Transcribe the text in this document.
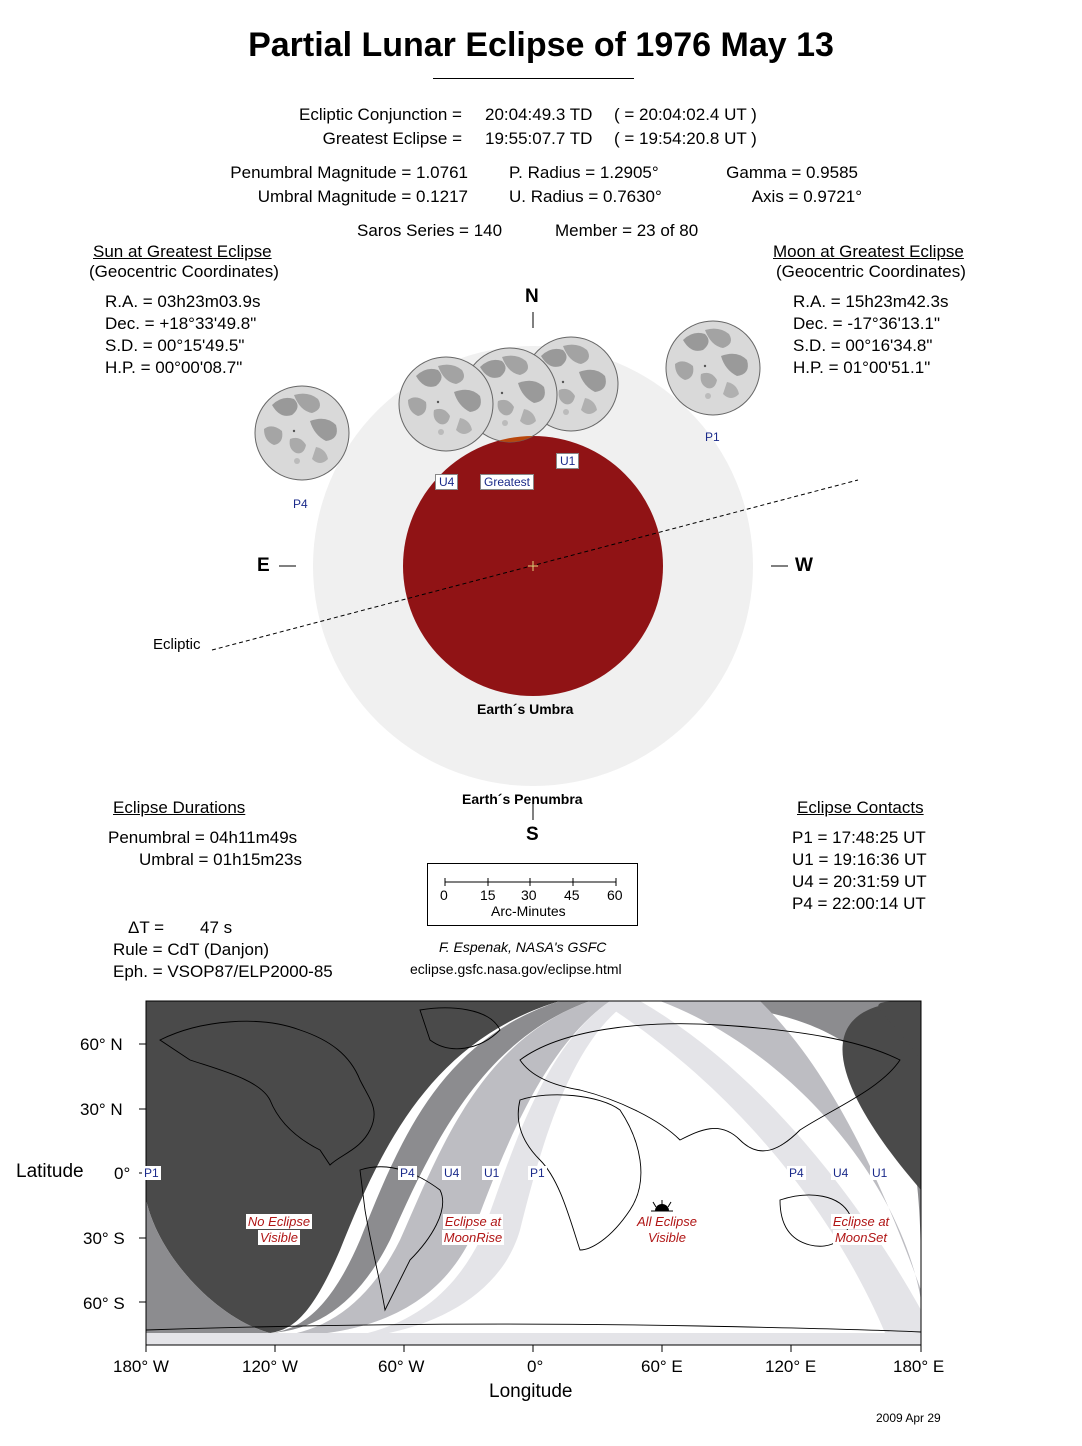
Partial Lunar Eclipse of 1976 May 13
Ecliptic Conjunction = 20:04:49.3 TD ( = 20:04:02.4 UT )
Greatest Eclipse = 19:55:07.7 TD ( = 19:54:20.8 UT )
Penumbral Magnitude = 1.0761
Umbral Magnitude = 0.1217
P. Radius = 1.2905°
U. Radius = 0.7630°
Gamma = 0.9585
Axis = 0.9721°
Saros Series = 140	Member = 23 of 80
Sun at Greatest Eclipse
(Geocentric Coordinates)
R.A. = 03h23m03.9s
Dec. = +18°33'49.8"
S.D. = 00°15'49.5"
H.P. = 00°00'08.7"
Moon at Greatest Eclipse
(Geocentric Coordinates)
R.A. = 15h23m42.3s
Dec. = -17°36'13.1"
S.D. = 00°16'34.8"
H.P. = 01°00'51.1"
N
S
E	W
Ecliptic
Earth´s Umbra
Earth´s Penumbra
P1
P4
U1
U4	Greatest
Eclipse Durations
Penumbral = 04h11m49s
Umbral = 01h15m23s
Eclipse Contacts
P1 = 17:48:25 UT
U1 = 19:16:36 UT
U4 = 20:31:59 UT
P4 = 22:00:14 UT
0 15 30 45 60
Arc-Minutes
ΔT = 47 s
Rule = CdT (Danjon)
Eph. = VSOP87/ELP2000-85
F. Espenak, NASA's GSFC
eclipse.gsfc.nasa.gov/eclipse.html
60° N
30° N
0°
30° S
60° S
Latitude
180° W	120° W	60° W	0°	60° E	120° E	180° E
Longitude
P1	P4 U4 U1	P1	P4 U4 U1
No Eclipse
Visible
Eclipse at
MoonRise
All Eclipse
Visible
Eclipse at
MoonSet
2009 Apr 29
